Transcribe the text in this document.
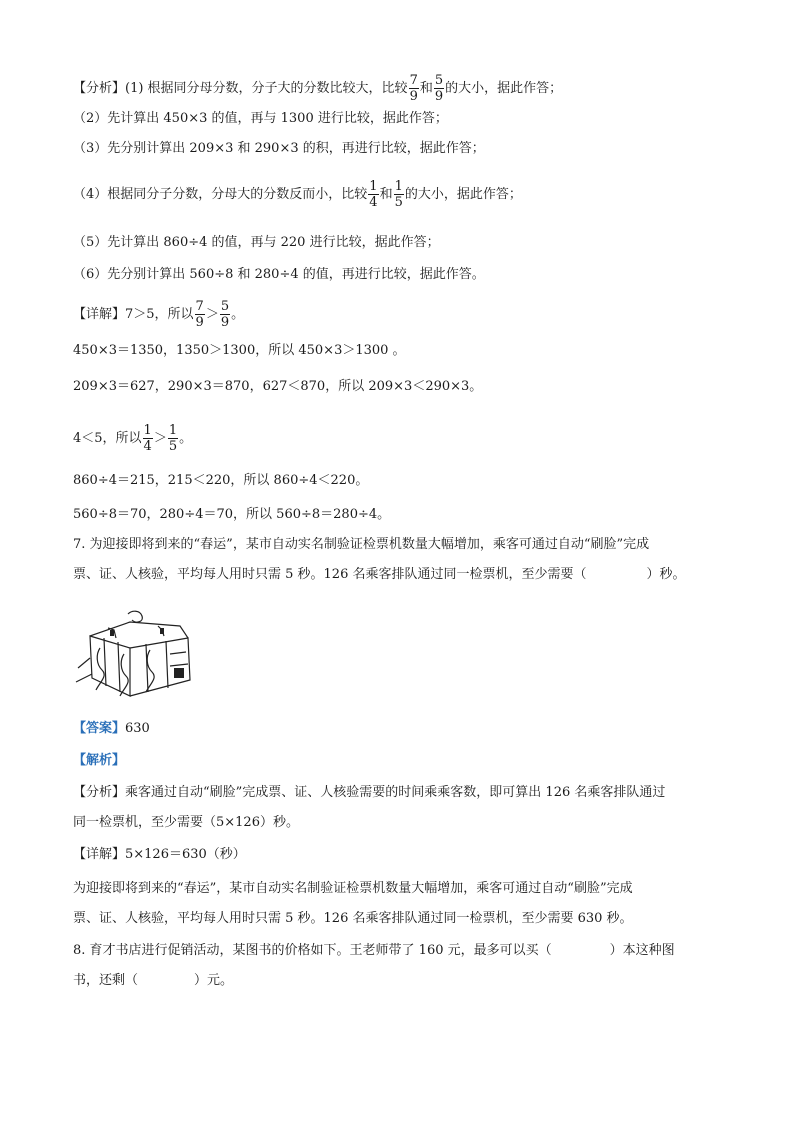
【分析】(1) 根据同分母分数，分子大的分数比较大，比较 $\frac{7}{9}$ 和 $\frac{5}{9}$ 的大小，据此作答；
（2）先计算出 450×3 的值，再与 1300 进行比较，据此作答；
（3）先分别计算出 209×3 和 290×3 的积，再进行比较，据此作答；
（4）根据同分子分数，分母大的分数反而小，比较 $\frac{1}{4}$ 和 $\frac{1}{5}$ 的大小，据此作答；
（5）先计算出 860÷4 的值，再与 220 进行比较，据此作答；
（6）先分别计算出 560÷8 和 280÷4 的值，再进行比较，据此作答。
【详解】7＞5，所以 $\frac{7}{9} > \frac{5}{9}$ 。
450×3＝1350，1350＞1300，所以 450×3＞1300 。
209×3＝627，290×3＝870，627＜870，所以 209×3＜290×3。
4＜5，所以 $\frac{1}{4} > \frac{1}{5}$ 。
860÷4＝215，215＜220，所以 860÷4＜220。
560÷8＝70，280÷4＝70，所以 560÷8＝280÷4。
7. 为迎接即将到来的“春运”，某市自动实名制验证检票机数量大幅增加，乘客可通过自动“刷脸”完成
票、证、人核验，平均每人用时只需 5 秒。126 名乘客排队通过同一检票机，至少需要（	）秒。
【答案】630
【解析】
【分析】乘客通过自动“刷脸”完成票、证、人核验需要的时间乘乘客数，即可算出 126 名乘客排队通过
同一检票机，至少需要（5×126）秒。
【详解】5×126＝630（秒）
为迎接即将到来的“春运”，某市自动实名制验证检票机数量大幅增加，乘客可通过自动“刷脸”完成
票、证、人核验，平均每人用时只需 5 秒。126 名乘客排队通过同一检票机，至少需要 630 秒。
8. 育才书店进行促销活动，某图书的价格如下。王老师带了 160 元，最多可以买（	）本这种图
书，还剩（	）元。
